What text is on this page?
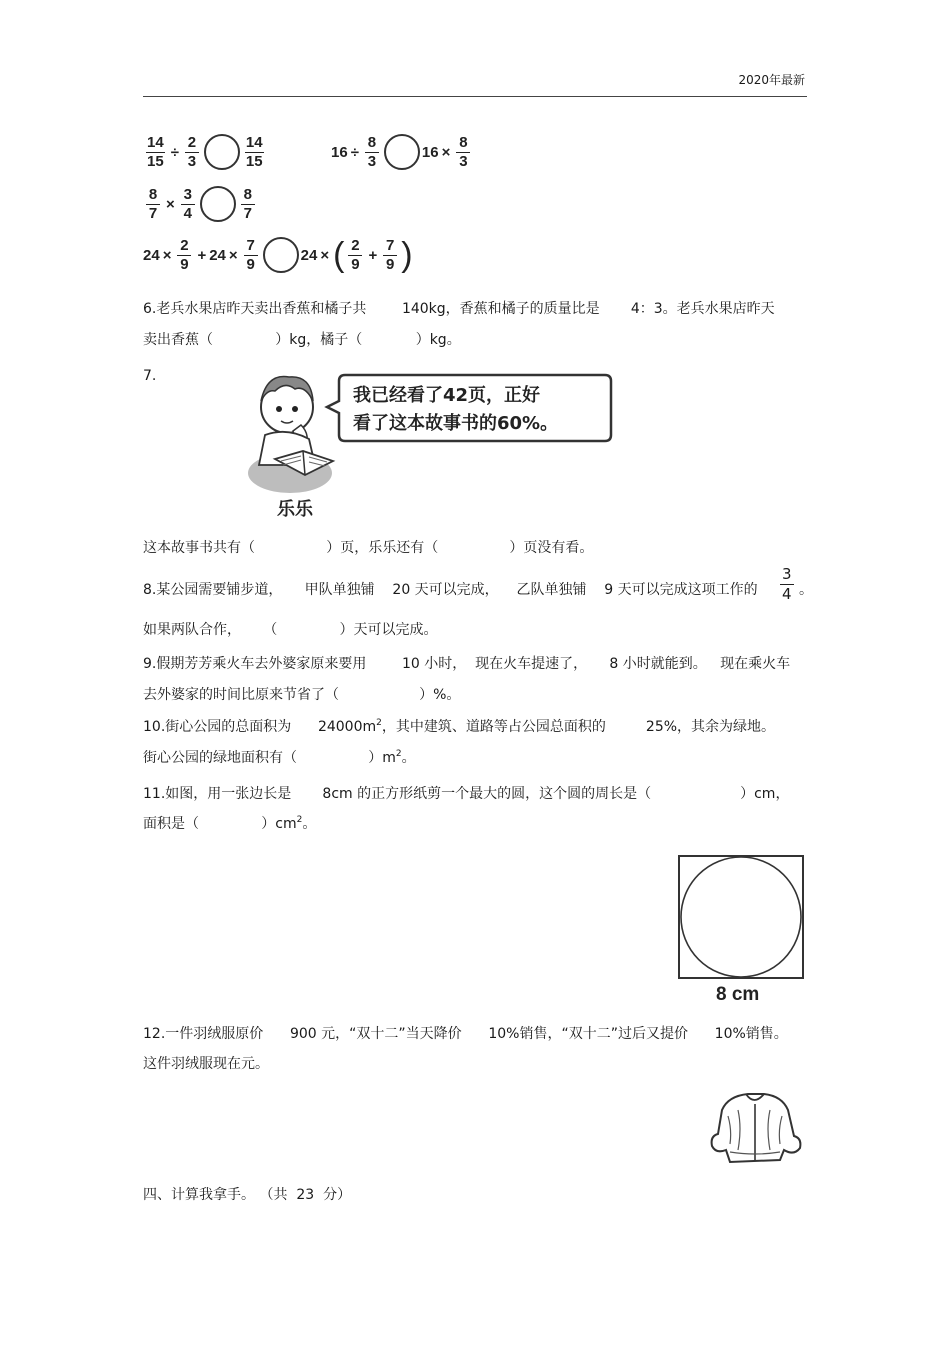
2020年最新
$\frac{14}{15} \div \frac{2}{3}$	$\frac{14}{15}$	$16 \div \frac{8}{3}$	$16 \times \frac{8}{3}$
$\frac{8}{7} \times \frac{3}{4}$	$\frac{8}{7}$
$24 \times \frac{2}{9} + 24 \times \frac{7}{9}$	24 × ( $\frac{2}{9} + \frac{7}{9}$ )
6.老兵水果店昨天卖出香蕉和橘子共        140kg，香蕉和橘子的质量比是       4：3。老兵水果店昨天
卖出香蕉（              ）kg，橘子（            ）kg。
7.
我已经看了42页，正好
看了这本故事书的60%。
乐乐
这本故事书共有（                ）页，乐乐还有（                ）页没有看。
8.某公园需要铺步道，     甲队单独铺    20 天可以完成，    乙队单独铺    9 天可以完成这项工作的 $\frac{3}{4}$ 。
如果两队合作，     （              ）天可以完成。
9.假期芳芳乘火车去外婆家原来要用        10 小时，  现在火车提速了，     8 小时就能到。   现在乘火车
去外婆家的时间比原来节省了（                  ）%。
10.街心公园的总面积为      $24000m^2$，其中建筑、道路等占公园总面积的         25%，其余为绿地。
街心公园的绿地面积有（                ）$m^2$。
11.如图，用一张边长是       8cm 的正方形纸剪一个最大的圆，这个圆的周长是（                    ）cm，
面积是（              ）$cm^2$。
8 cm
12.一件羽绒服原价      900 元，“双十二”当天降价      10%销售，“双十二”过后又提价      10%销售。
这件羽绒服现在元。
四、计算我拿手。 （共  23  分）
